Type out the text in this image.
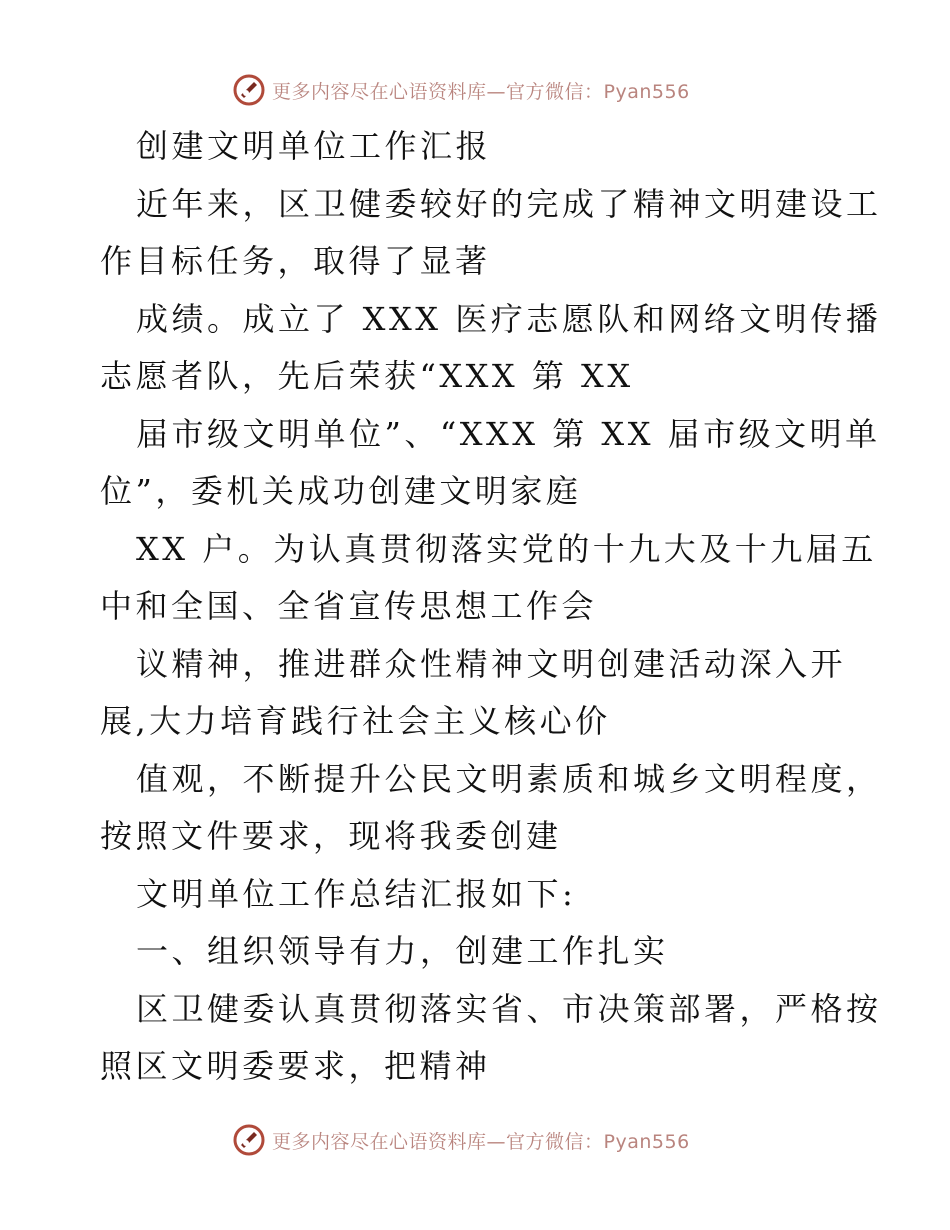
更多内容尽在心语资料库—官方微信：Pyan556
创建文明单位工作汇报
近年来，区卫健委较好的完成了精神文明建设工
作目标任务，取得了显著
成绩。成立了 XXX 医疗志愿队和网络文明传播
志愿者队，先后荣获“XXX 第 XX
届市级文明单位”、“XXX 第 XX 届市级文明单
位”，委机关成功创建文明家庭
XX 户。为认真贯彻落实党的十九大及十九届五
中和全国、全省宣传思想工作会
议精神，推进群众性精神文明创建活动深入开
展,大力培育践行社会主义核心价
值观，不断提升公民文明素质和城乡文明程度，
按照文件要求，现将我委创建
文明单位工作总结汇报如下:
一、组织领导有力，创建工作扎实
区卫健委认真贯彻落实省、市决策部署，严格按
照区文明委要求，把精神
更多内容尽在心语资料库—官方微信：Pyan556
